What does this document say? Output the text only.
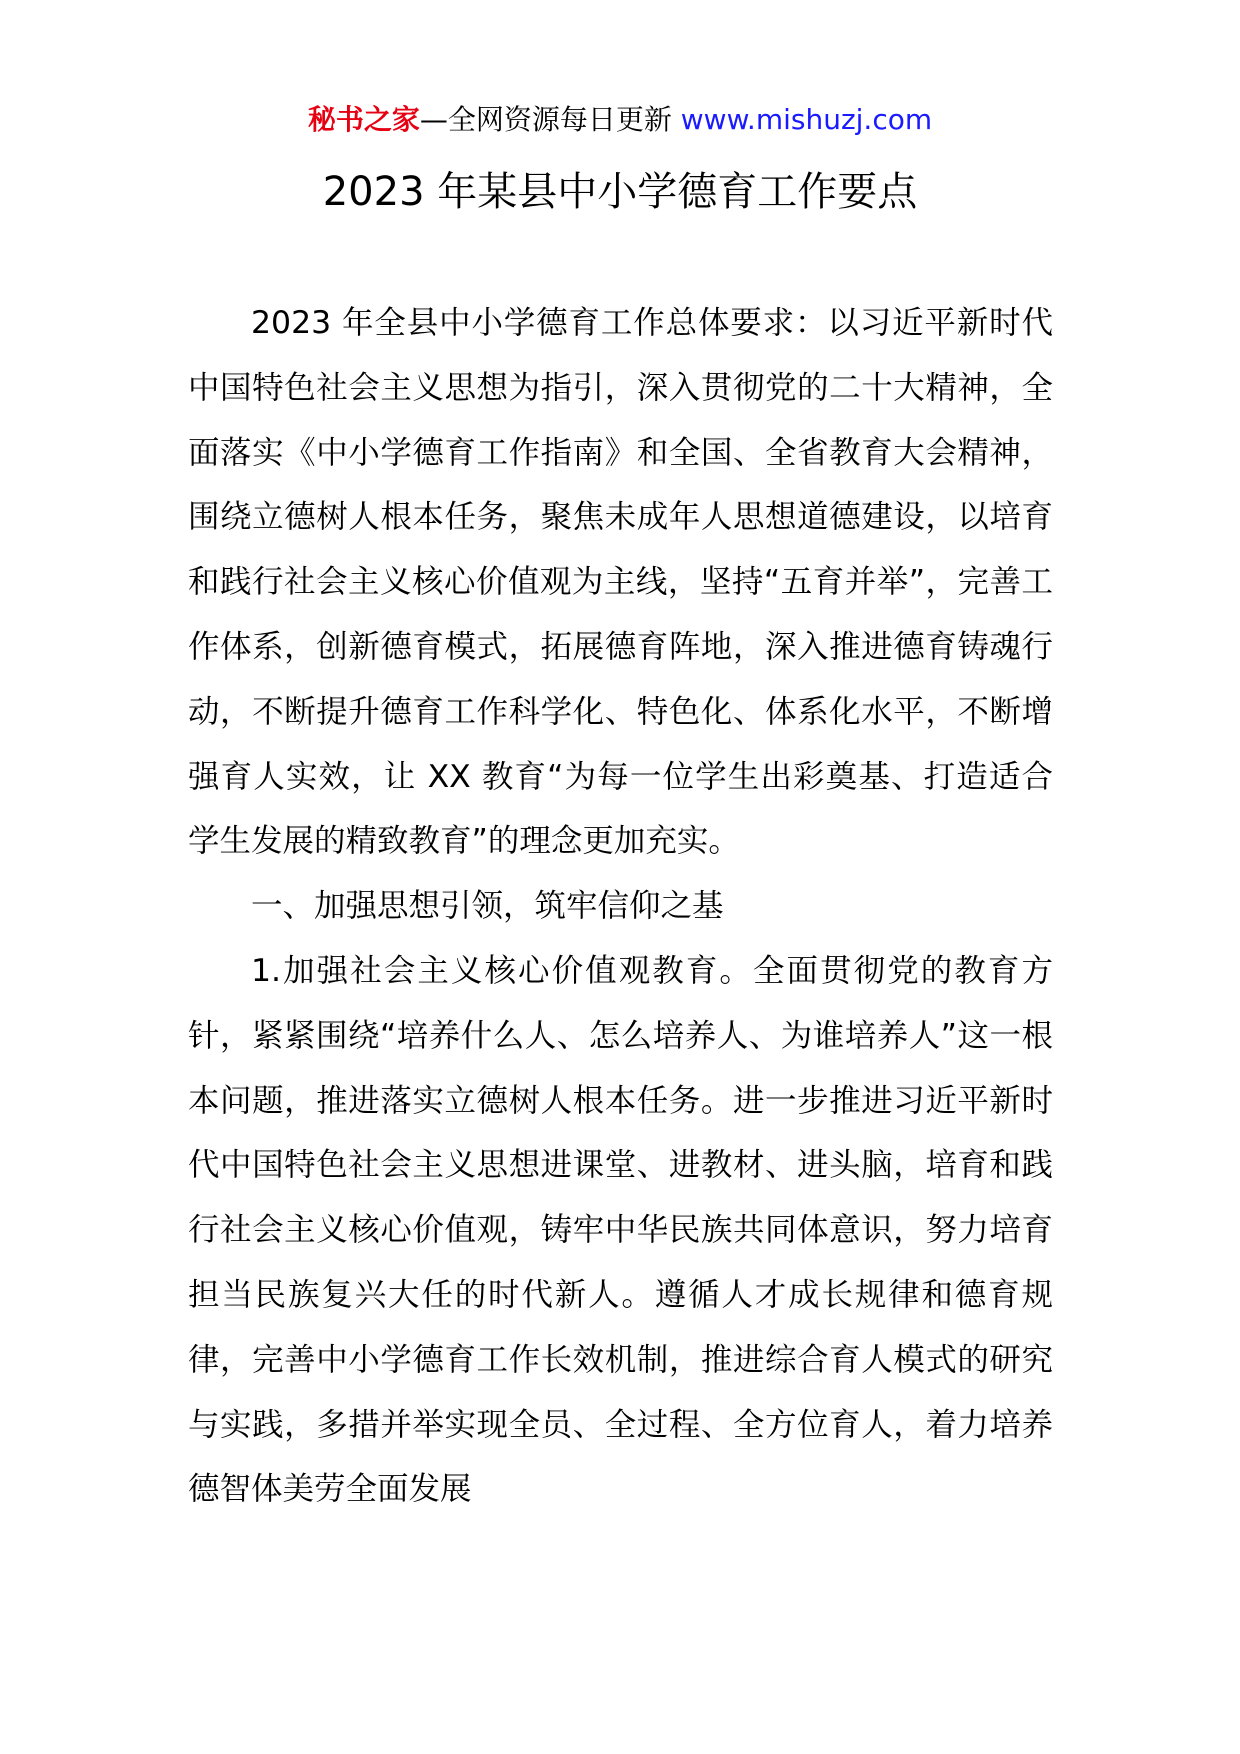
秘书之家—全网资源每日更新 www.mishuzj.com
2023 年某县中小学德育工作要点

2023 年全县中小学德育工作总体要求：以习近平新时代中国特色社会主义思想为指引，深入贯彻党的二十大精神，全面落实《中小学德育工作指南》和全国、全省教育大会精神，围绕立德树人根本任务，聚焦未成年人思想道德建设，以培育和践行社会主义核心价值观为主线，坚持“五育并举”，完善工作体系，创新德育模式，拓展德育阵地，深入推进德育铸魂行动，不断提升德育工作科学化、特色化、体系化水平，不断增强育人实效，让 XX 教育“为每一位学生出彩奠基、打造适合学生发展的精致教育”的理念更加充实。

一、加强思想引领，筑牢信仰之基

1.加强社会主义核心价值观教育。全面贯彻党的教育方针，紧紧围绕“培养什么人、怎么培养人、为谁培养人”这一根本问题，推进落实立德树人根本任务。进一步推进习近平新时代中国特色社会主义思想进课堂、进教材、进头脑，培育和践行社会主义核心价值观，铸牢中华民族共同体意识，努力培育担当民族复兴大任的时代新人。遵循人才成长规律和德育规律，完善中小学德育工作长效机制，推进综合育人模式的研究与实践，多措并举实现全员、全过程、全方位育人，着力培养德智体美劳全面发展
